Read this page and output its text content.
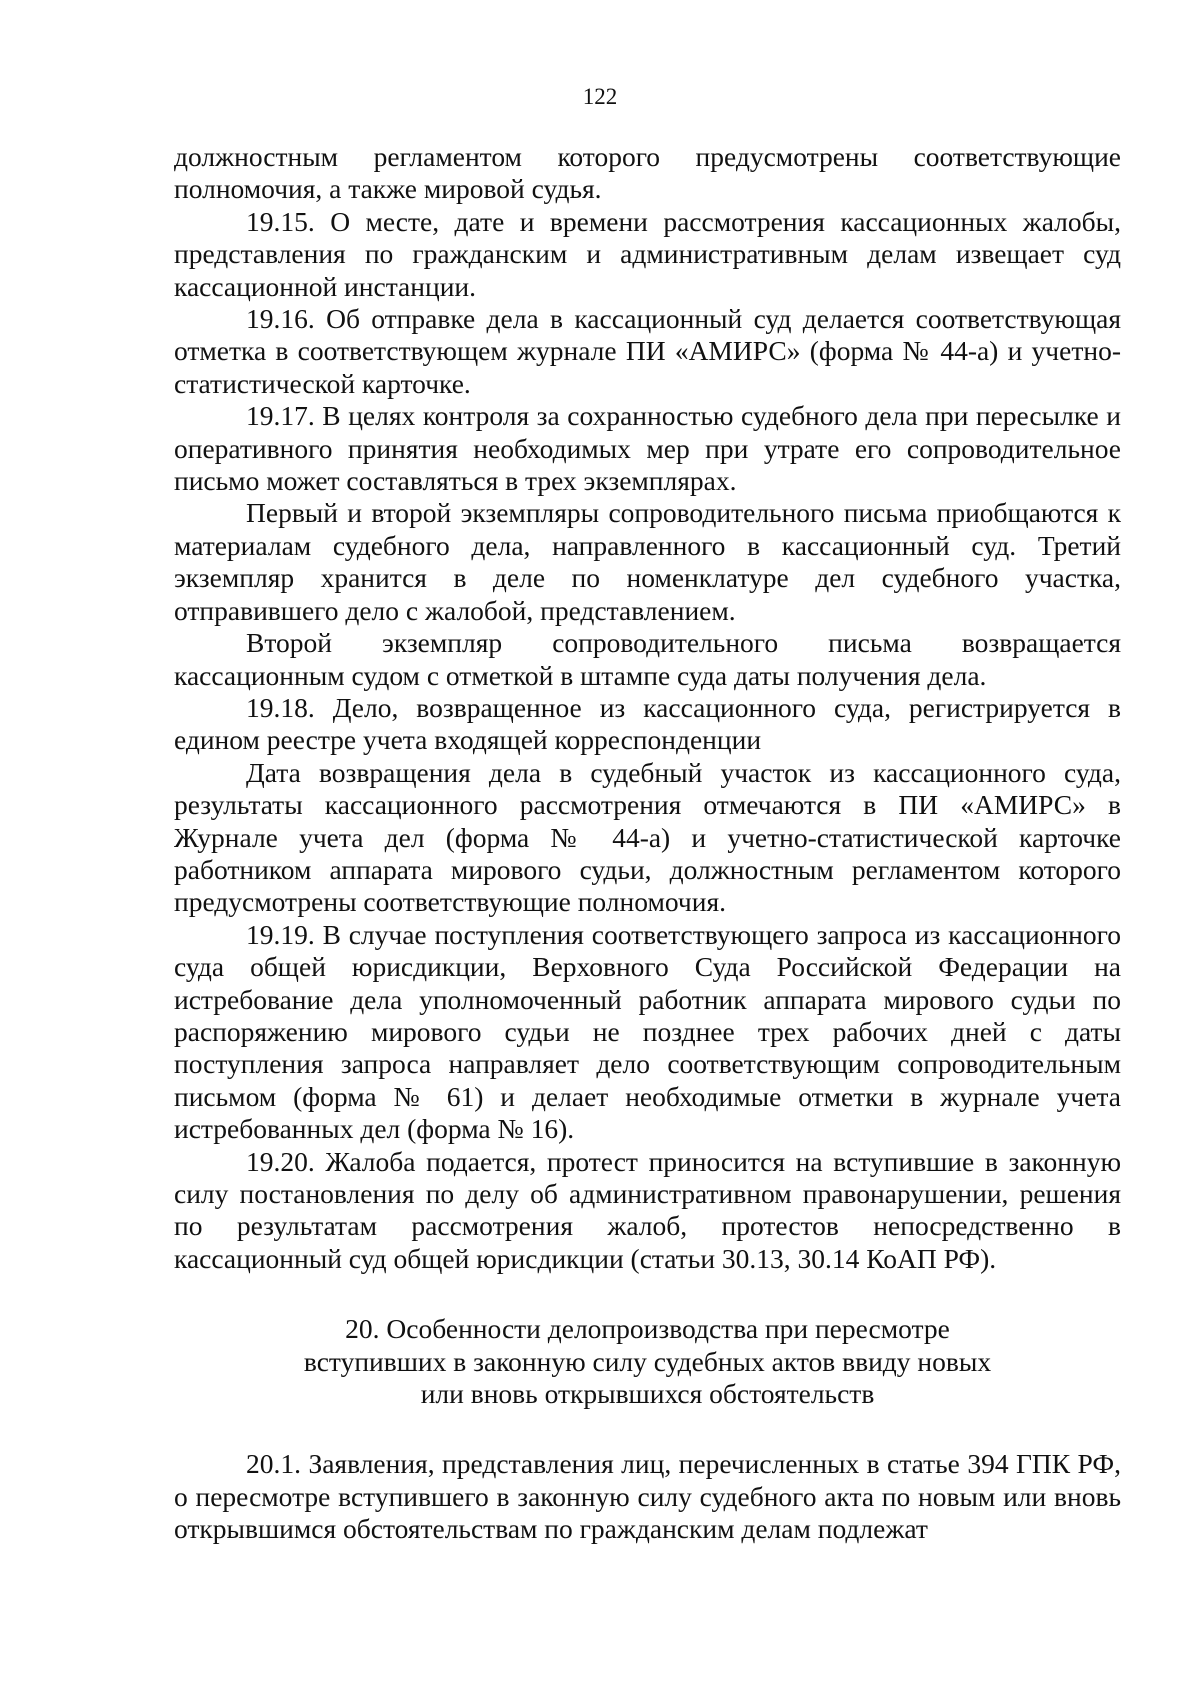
122

должностным регламентом которого предусмотрены соответствующие полномочия, а также мировой судья.

19.15. О месте, дате и времени рассмотрения кассационных жалобы, представления по гражданским и административным делам извещает суд кассационной инстанции.

19.16. Об отправке дела в кассационный суд делается соответствующая отметка в соответствующем журнале ПИ «АМИРС» (форма № 44-а) и учетно-статистической карточке.

19.17. В целях контроля за сохранностью судебного дела при пересылке и оперативного принятия необходимых мер при утрате его сопроводительное письмо может составляться в трех экземплярах.

Первый и второй экземпляры сопроводительного письма приобщаются к материалам судебного дела, направленного в кассационный суд. Третий экземпляр хранится в деле по номенклатуре дел судебного участка, отправившего дело с жалобой, представлением.

Второй экземпляр сопроводительного письма возвращается кассационным судом с отметкой в штампе суда даты получения дела.

19.18. Дело, возвращенное из кассационного суда, регистрируется в едином реестре учета входящей корреспонденции

Дата возвращения дела в судебный участок из кассационного суда, результаты кассационного рассмотрения отмечаются в ПИ «АМИРС» в Журнале учета дел (форма № 44-а) и учетно-статистической карточке работником аппарата мирового судьи, должностным регламентом которого предусмотрены соответствующие полномочия.

19.19. В случае поступления соответствующего запроса из кассационного суда общей юрисдикции, Верховного Суда Российской Федерации на истребование дела уполномоченный работник аппарата мирового судьи по распоряжению мирового судьи не позднее трех рабочих дней с даты поступления запроса направляет дело соответствующим сопроводительным письмом (форма № 61) и делает необходимые отметки в журнале учета истребованных дел (форма № 16).

19.20. Жалоба подается, протест приносится на вступившие в законную силу постановления по делу об административном правонарушении, решения по результатам рассмотрения жалоб, протестов непосредственно в кассационный суд общей юрисдикции (статьи 30.13, 30.14 КоАП РФ).

20. Особенности делопроизводства при пересмотре
вступивших в законную силу судебных актов ввиду новых
или вновь открывшихся обстоятельств

20.1. Заявления, представления лиц, перечисленных в статье 394 ГПК РФ, о пересмотре вступившего в законную силу судебного акта по новым или вновь открывшимся обстоятельствам по гражданским делам подлежат
